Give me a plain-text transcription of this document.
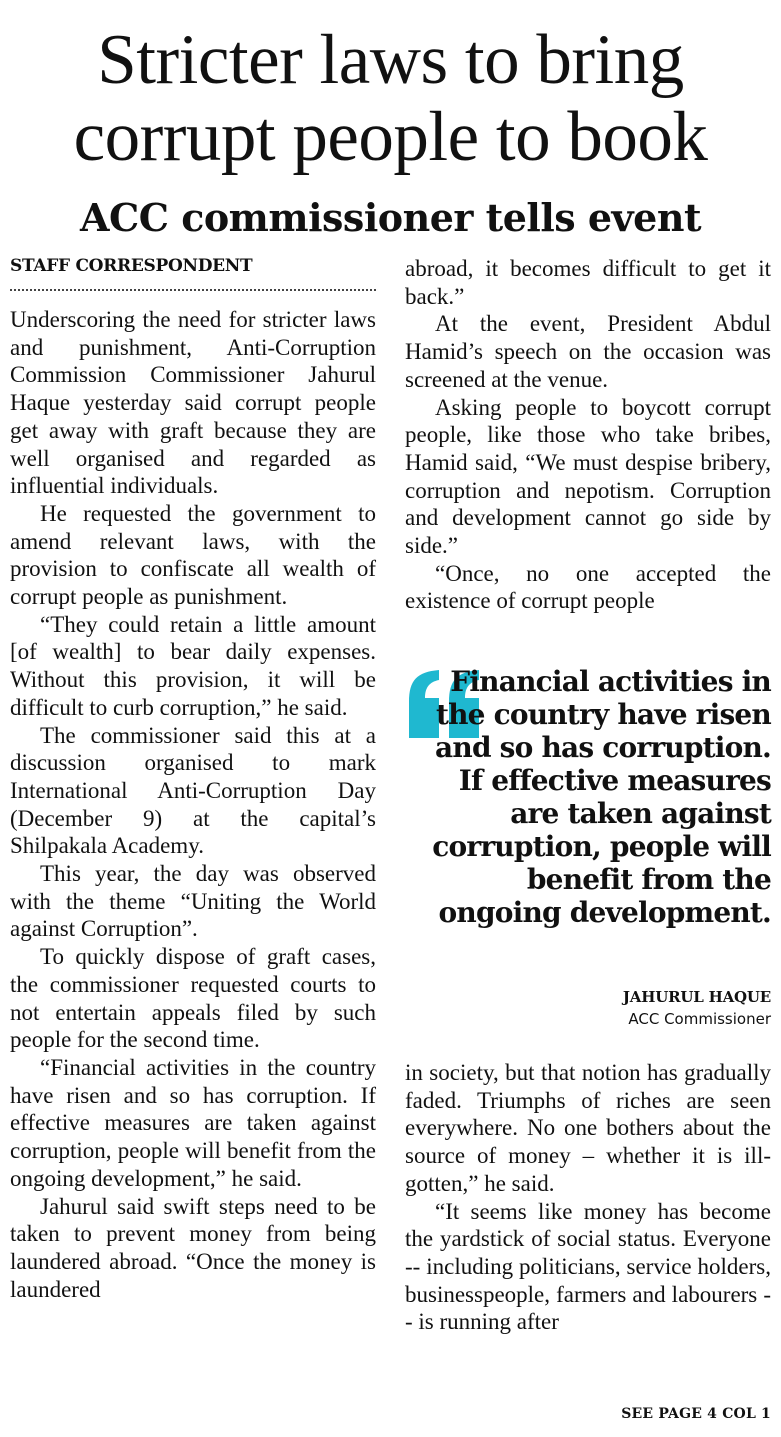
Stricter laws to bring
corrupt people to book
ACC commissioner tells event
STAFF CORRESPONDENT

Underscoring the need for stricter laws and punishment, Anti-Corruption Commission Commissioner Jahurul Haque yesterday said corrupt people get away with graft because they are well organised and regarded as influential individuals.

He requested the government to amend relevant laws, with the provision to confiscate all wealth of corrupt people as punishment.

“They could retain a little amount [of wealth] to bear daily expenses. Without this provision, it will be difficult to curb corruption,” he said.

The commissioner said this at a discussion organised to mark International Anti-Corruption Day (December 9) at the capital’s Shilpakala Academy.

This year, the day was observed with the theme “Uniting the World against Corruption”.

To quickly dispose of graft cases, the commissioner requested courts to not entertain appeals filed by such people for the second time.

“Financial activities in the country have risen and so has corruption. If effective measures are taken against corruption, people will benefit from the ongoing development,” he said.

Jahurul said swift steps need to be taken to prevent money from being laundered abroad. “Once the money is laundered

abroad, it becomes difficult to get it back.”

At the event, President Abdul Hamid’s speech on the occasion was screened at the venue.

Asking people to boycott corrupt people, like those who take bribes, Hamid said, “We must despise bribery, corruption and nepotism. Corruption and development cannot go side by side.”

“Once, no one accepted the existence of corrupt people

Financial activities in the country have risen and so has corruption. If effective measures are taken against corruption, people will benefit from the ongoing development.

JAHURUL HAQUE
ACC Commissioner

in society, but that notion has gradually faded. Triumphs of riches are seen everywhere. No one bothers about the source of money – whether it is ill-gotten,” he said.

“It seems like money has become the yardstick of social status. Everyone -- including politicians, service holders, businesspeople, farmers and labourers -- is running after

SEE PAGE 4 COL 1
